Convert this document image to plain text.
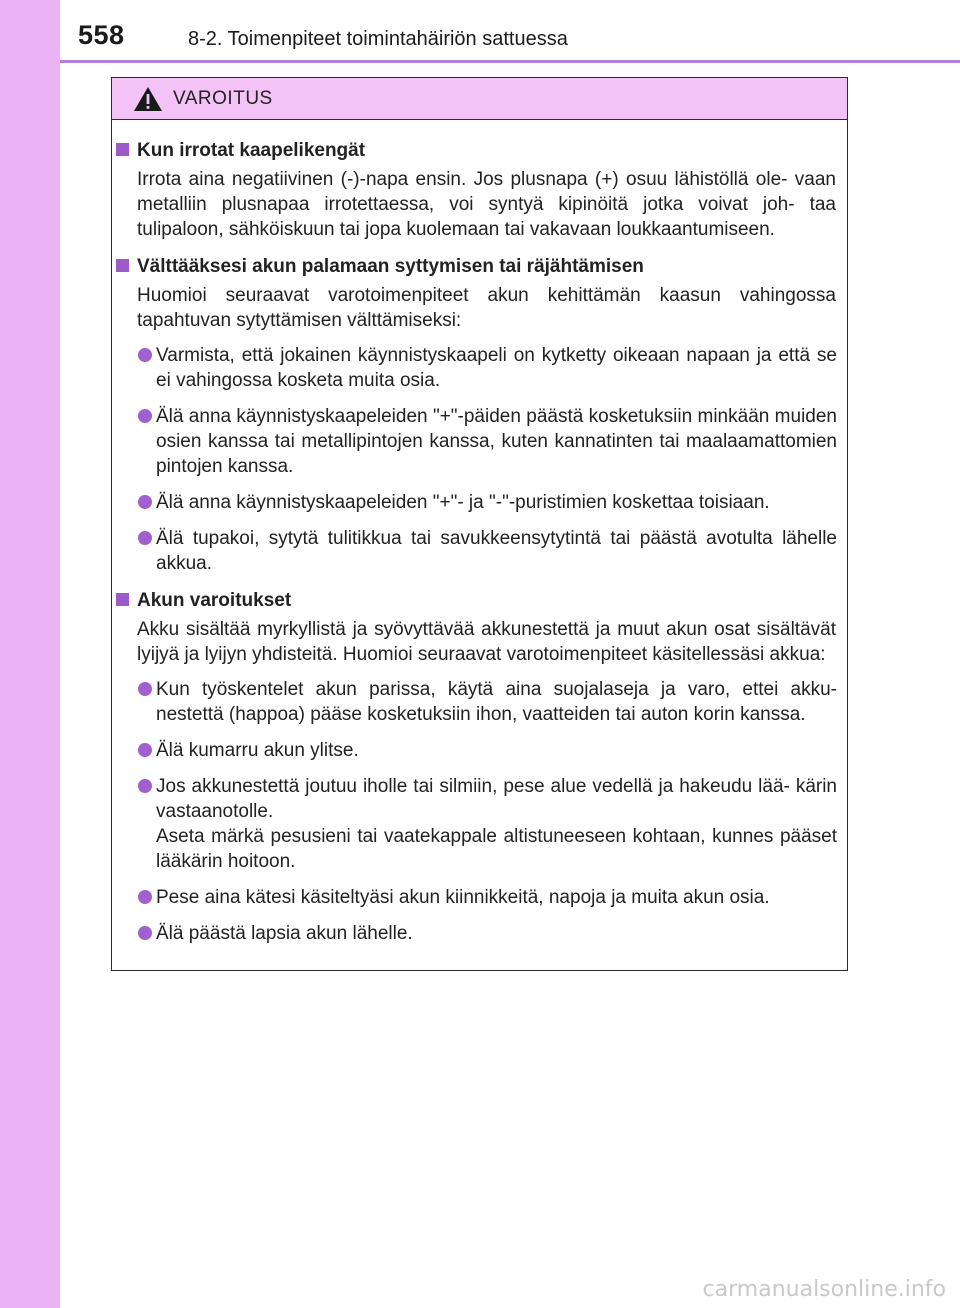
558	8-2. Toimenpiteet toimintahäiriön sattuessa
VAROITUS
Kun irrotat kaapelikengät
Irrota aina negatiivinen (-)-napa ensin. Jos plusnapa (+) osuu lähistöllä ole- vaan metalliin plusnapaa irrotettaessa, voi syntyä kipinöitä jotka voivat joh- taa tulipaloon, sähköiskuun tai jopa kuolemaan tai vakavaan loukkaantumiseen.
Välttääksesi akun palamaan syttymisen tai räjähtämisen
Huomioi seuraavat varotoimenpiteet akun kehittämän kaasun vahingossa tapahtuvan sytyttämisen välttämiseksi:
Varmista, että jokainen käynnistyskaapeli on kytketty oikeaan napaan ja että se ei vahingossa kosketa muita osia.
Älä anna käynnistyskaapeleiden "+"-päiden päästä kosketuksiin minkään muiden osien kanssa tai metallipintojen kanssa, kuten kannatinten tai maalaamattomien pintojen kanssa.
Älä anna käynnistyskaapeleiden "+"- ja "-"-puristimien koskettaa toisiaan.
Älä tupakoi, sytytä tulitikkua tai savukkeensytytintä tai päästä avotulta lähelle akkua.
Akun varoitukset
Akku sisältää myrkyllistä ja syövyttävää akkunestettä ja muut akun osat sisältävät lyijyä ja lyijyn yhdisteitä. Huomioi seuraavat varotoimenpiteet käsitellessäsi akkua:
Kun työskentelet akun parissa, käytä aina suojalaseja ja varo, ettei akku- nestettä (happoa) pääse kosketuksiin ihon, vaatteiden tai auton korin kanssa.
Älä kumarru akun ylitse.
Jos akkunestettä joutuu iholle tai silmiin, pese alue vedellä ja hakeudu lää- kärin vastaanotolle.
Aseta märkä pesusieni tai vaatekappale altistuneeseen kohtaan, kunnes pääset lääkärin hoitoon.
Pese aina kätesi käsiteltyäsi akun kiinnikkeitä, napoja ja muita akun osia.
Älä päästä lapsia akun lähelle.
carmanualsonline.info
